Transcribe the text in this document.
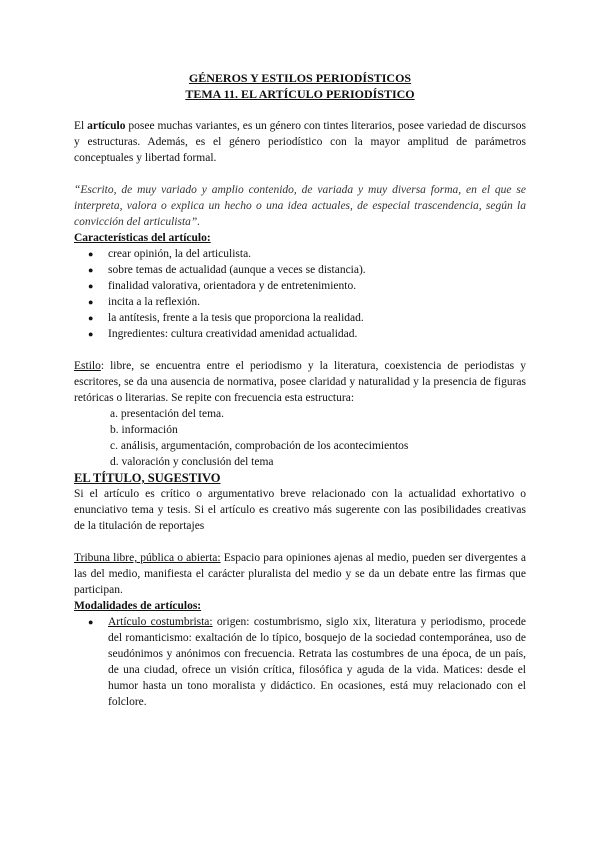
GÉNEROS Y ESTILOS PERIODÍSTICOS

TEMA 11. EL ARTÍCULO PERIODÍSTICO

El artículo posee muchas variantes, es un género con tintes literarios, posee variedad de discursos y estructuras. Además, es el género periodístico con la mayor amplitud de parámetros conceptuales y libertad formal.

“Escrito, de muy variado y amplio contenido, de variada y muy diversa forma, en el que se interpreta, valora o explica un hecho o una idea actuales, de especial trascendencia, según la convicción del articulista”.

Características del artículo:

● crear opinión, la del articulista.
● sobre temas de actualidad (aunque a veces se distancia).
● finalidad valorativa, orientadora y de entretenimiento.
● incita a la reflexión.
● la antítesis, frente a la tesis que proporciona la realidad.
● Ingredientes: cultura creatividad amenidad actualidad.

Estilo: libre, se encuentra entre el periodismo y la literatura, coexistencia de periodistas y escritores, se da una ausencia de normativa, posee claridad y naturalidad y la presencia de figuras retóricas o literarias. Se repite con frecuencia esta estructura:

a. presentación del tema.
b. información
c. análisis, argumentación, comprobación de los acontecimientos
d. valoración y conclusión del tema

EL TÍTULO, SUGESTIVO

Si el artículo es crítico o argumentativo breve relacionado con la actualidad exhortativo o enunciativo tema y tesis. Si el artículo es creativo más sugerente con las posibilidades creativas de la titulación de reportajes

Tribuna libre, pública o abierta: Espacio para opiniones ajenas al medio, pueden ser divergentes a las del medio, manifiesta el carácter pluralista del medio y se da un debate entre las firmas que participan.

Modalidades de artículos:

● Artículo costumbrista: origen: costumbrismo, siglo xix, literatura y periodismo, procede del romanticismo: exaltación de lo típico, bosquejo de la sociedad contemporánea, uso de seudónimos y anónimos con frecuencia. Retrata las costumbres de una época, de un país, de una ciudad, ofrece un visión crítica, filosófica y aguda de la vida. Matices: desde el humor hasta un tono moralista y didáctico. En ocasiones, está muy relacionado con el folclore.
